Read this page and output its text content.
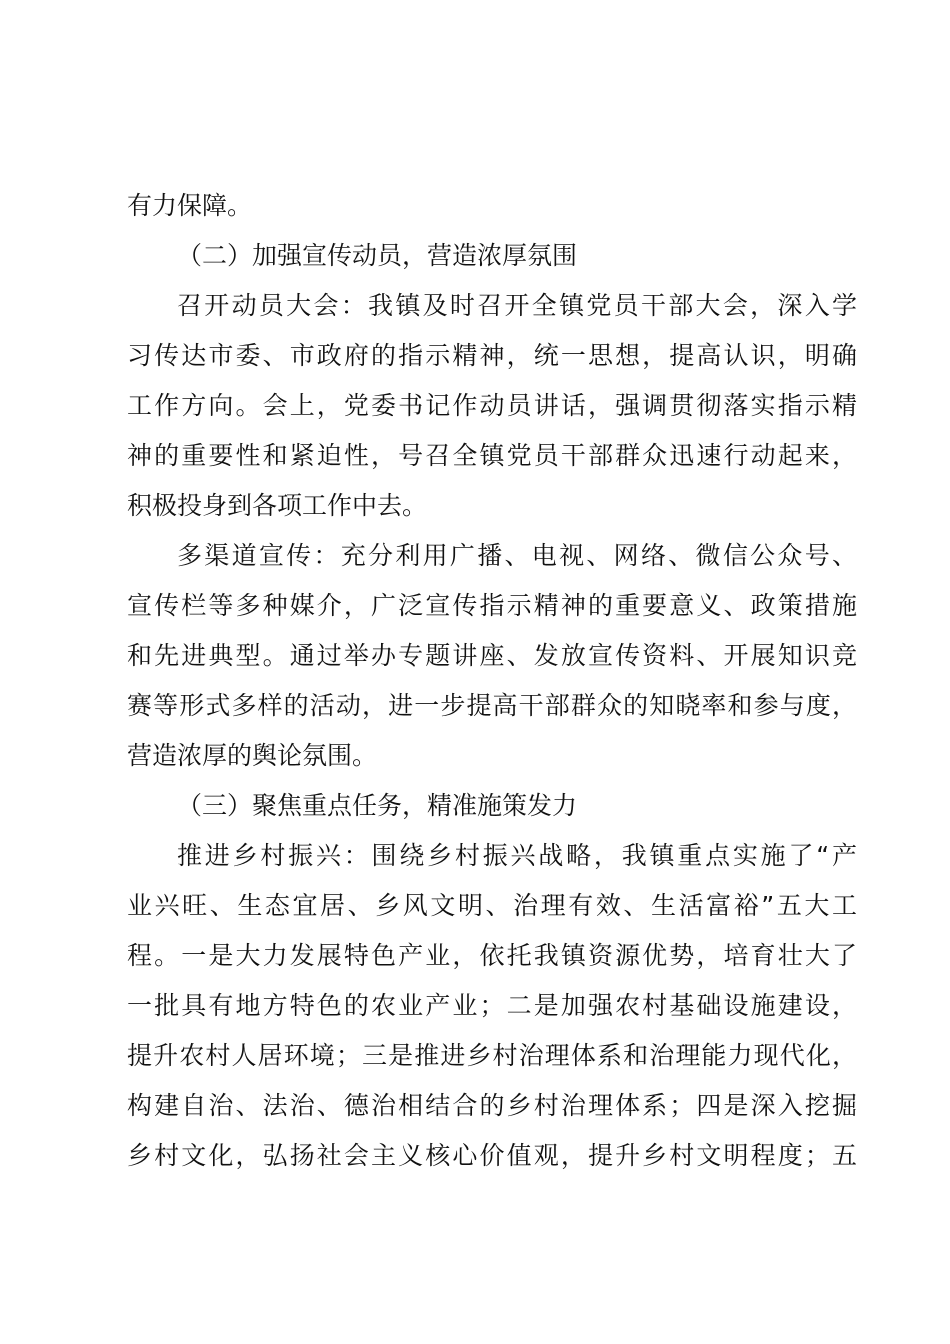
有力保障。
（二）加强宣传动员，营造浓厚氛围
召开动员大会：我镇及时召开全镇党员干部大会，深入学
习传达市委、市政府的指示精神，统一思想，提高认识，明确
工作方向。会上，党委书记作动员讲话，强调贯彻落实指示精
神的重要性和紧迫性，号召全镇党员干部群众迅速行动起来，
积极投身到各项工作中去。
多渠道宣传：充分利用广播、电视、网络、微信公众号、
宣传栏等多种媒介，广泛宣传指示精神的重要意义、政策措施
和先进典型。通过举办专题讲座、发放宣传资料、开展知识竞
赛等形式多样的活动，进一步提高干部群众的知晓率和参与度，
营造浓厚的舆论氛围。
（三）聚焦重点任务，精准施策发力
推进乡村振兴：围绕乡村振兴战略，我镇重点实施了“产
业兴旺、生态宜居、乡风文明、治理有效、生活富裕”五大工
程。一是大力发展特色产业，依托我镇资源优势，培育壮大了
一批具有地方特色的农业产业；二是加强农村基础设施建设，
提升农村人居环境；三是推进乡村治理体系和治理能力现代化，
构建自治、法治、德治相结合的乡村治理体系；四是深入挖掘
乡村文化，弘扬社会主义核心价值观，提升乡村文明程度；五
